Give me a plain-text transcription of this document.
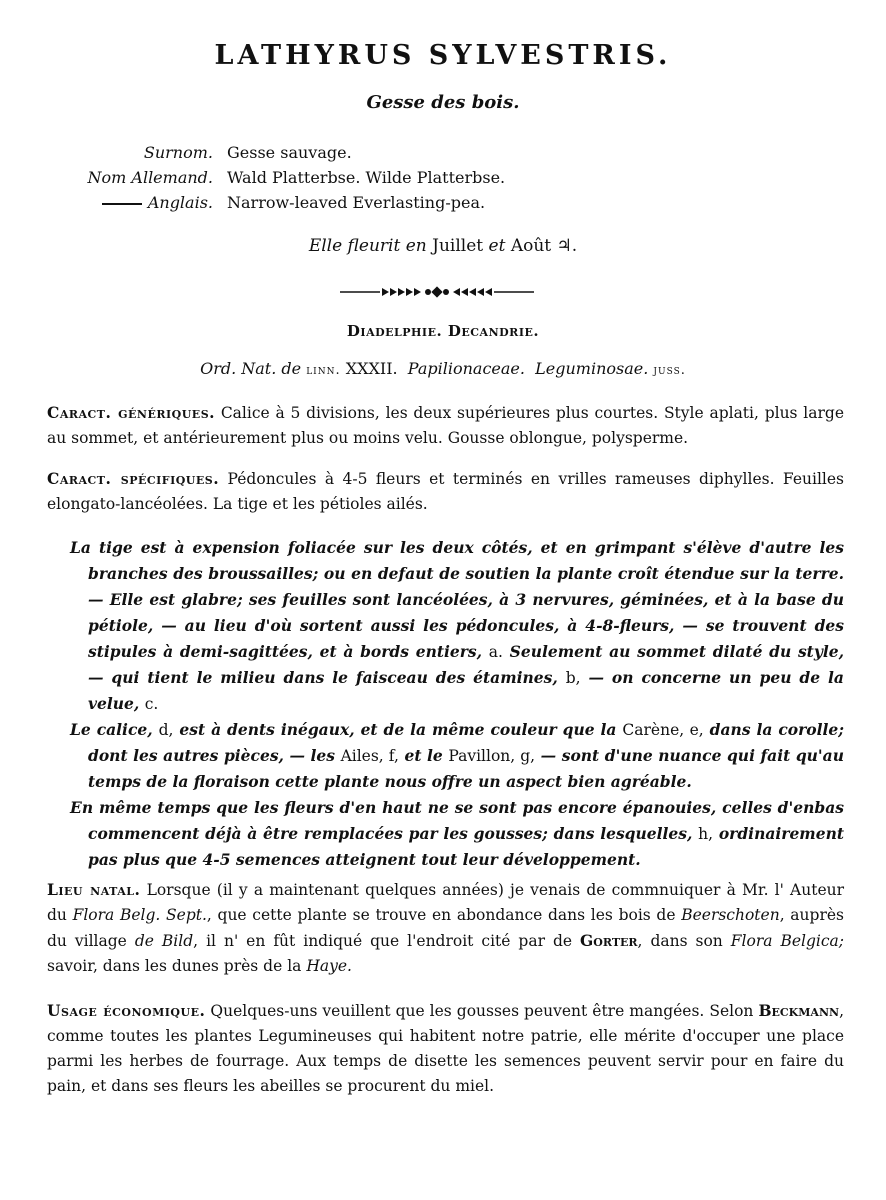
LATHYRUS SYLVESTRIS.
Gesse des bois.
Surnom. Gesse sauvage.
Nom Allemand. Wald Platterbse. Wilde Platterbse.
Anglais. Narrow-leaved Everlasting-pea.
Elle fleurit en Juillet et Août ♃.
Diadelphie. Decandrie.
Ord. Nat. de linn. XXXII. Papilionaceae. Leguminosae. juss.
Caract. génériques. Calice à 5 divisions, les deux supérieures plus courtes. Style aplati, plus large au sommet, et antérieurement plus ou moins velu. Gousse oblongue, polysperme.
Caract. spécifiques. Pédoncules à 4-5 fleurs et terminés en vrilles rameuses diphylles. Feuilles elongato-lancéolées. La tige et les pétioles ailés.

La tige est à expension foliacée sur les deux côtés, et en grimpant s'élève d'autre les branches des broussailles; ou en defaut de soutien la plante croît étendue sur la terre. — Elle est glabre; ses feuilles sont lancéolées, à 3 nervures, géminées, et à la base du pétiole, — au lieu d'où sortent aussi les pédoncules, à 4-8-fleurs, — se trouvent des stipules à demi-sagittées, et à bords entiers, a. Seulement au sommet dilaté du style, — qui tient le milieu dans le faisceau des étamines, b, — on concerne un peu de la velue, c.

Le calice, d, est à dents inégaux, et de la même couleur que la Carène, e, dans la corolle; dont les autres pièces, — les Ailes, f, et le Pavillon, g, — sont d'une nuance qui fait qu'au temps de la floraison cette plante nous offre un aspect bien agréable.

En même temps que les fleurs d'en haut ne se sont pas encore épanouies, celles d'enbas commencent déjà à être remplacées par les gousses; dans lesquelles, h, ordinairement pas plus que 4-5 semences atteignent tout leur développement.

Lieu natal. Lorsque (il y a maintenant quelques années) je venais de commnuiquer à Mr. l' Auteur du Flora Belg. Sept., que cette plante se trouve en abondance dans les bois de Beerschoten, auprès du village de Bild, il n' en fût indiqué que l'endroit cité par de Gorter, dans son Flora Belgica; savoir, dans les dunes près de la Haye.
Usage économique. Quelques-uns veuillent que les gousses peuvent être mangées. Selon Beckmann, comme toutes les plantes Legumineuses qui habitent notre patrie, elle mérite d'occuper une place parmi les herbes de fourrage. Aux temps de disette les semences peuvent servir pour en faire du pain, et dans ses fleurs les abeilles se procurent du miel.
